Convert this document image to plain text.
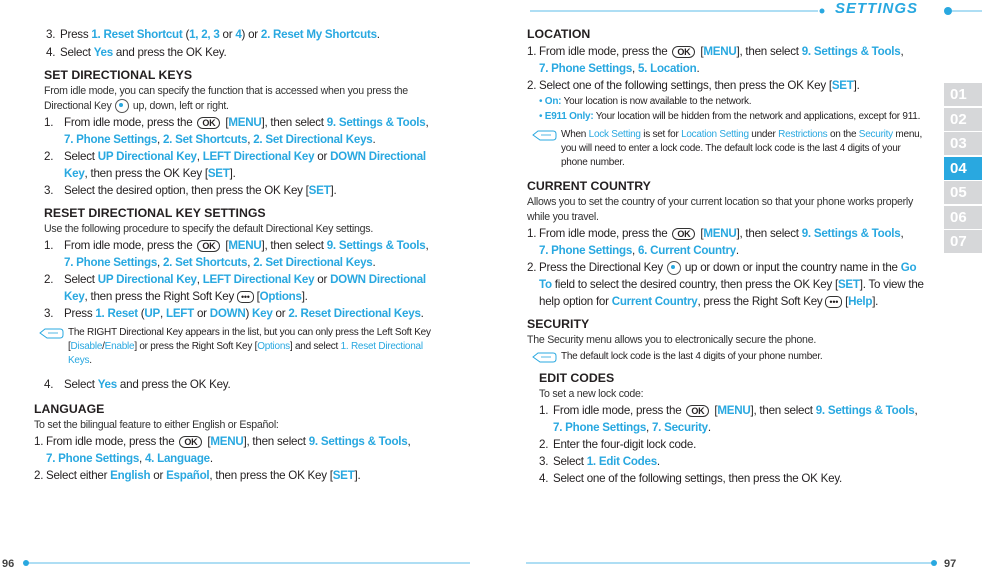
SETTINGS
01
02
03
04
05
06
07
96	97
3. Press 1. Reset Shortcut (1, 2, 3 or 4) or 2. Reset My Shortcuts.
4. Select Yes and press the OK Key.
SET DIRECTIONAL KEYS
From idle mode, you can specify the function that is accessed when you press the
Directional Key  up, down, left or right.
1. From idle mode, press the OK [MENU], then select 9. Settings & Tools,
7. Phone Settings, 2. Set Shortcuts, 2. Set Directional Keys.
2. Select UP Directional Key, LEFT Directional Key or DOWN Directional
Key, then press the OK Key [SET].
3. Select the desired option, then press the OK Key [SET].
RESET DIRECTIONAL KEY SETTINGS
Use the following procedure to specify the default Directional Key settings.
1. From idle mode, press the OK [MENU], then select 9. Settings & Tools,
7. Phone Settings, 2. Set Shortcuts, 2. Set Directional Keys.
2. Select UP Directional Key, LEFT Directional Key or DOWN Directional
Key, then press the Right Soft Key ••• [Options].
3. Press 1. Reset (UP, LEFT or DOWN) Key or 2. Reset Directional Keys.
The RIGHT Directional Key appears in the list, but you can only press the Left Soft Key
[Disable/Enable] or press the Right Soft Key [Options] and select 1. Reset Directional
Keys.
4. Select Yes and press the OK Key.
LANGUAGE
To set the bilingual feature to either English or Español:
1. From idle mode, press the OK [MENU], then select 9. Settings & Tools,
7. Phone Settings, 4. Language.
2. Select either English or Español, then press the OK Key [SET].
LOCATION
1. From idle mode, press the OK [MENU], then select 9. Settings & Tools,
7. Phone Settings, 5. Location.
2. Select one of the following settings, then press the OK Key [SET].
• On: Your location is now available to the network.
• E911 Only: Your location will be hidden from the network and applications, except for 911.
When Lock Setting is set for Location Setting under Restrictions on the Security menu,
you will need to enter a lock code. The default lock code is the last 4 digits of your
phone number.
CURRENT COUNTRY
Allows you to set the country of your current location so that your phone works properly
while you travel.
1. From idle mode, press the OK [MENU], then select 9. Settings & Tools,
7. Phone Settings, 6. Current Country.
2. Press the Directional Key  up or down or input the country name in the Go
To field to select the desired country, then press the OK Key [SET]. To view the
help option for Current Country, press the Right Soft Key ••• [Help].
SECURITY
The Security menu allows you to electronically secure the phone.
The default lock code is the last 4 digits of your phone number.
EDIT CODES
To set a new lock code:
1. From idle mode, press the OK [MENU], then select 9. Settings & Tools,
7. Phone Settings, 7. Security.
2. Enter the four-digit lock code.
3. Select 1. Edit Codes.
4. Select one of the following settings, then press the OK Key.
